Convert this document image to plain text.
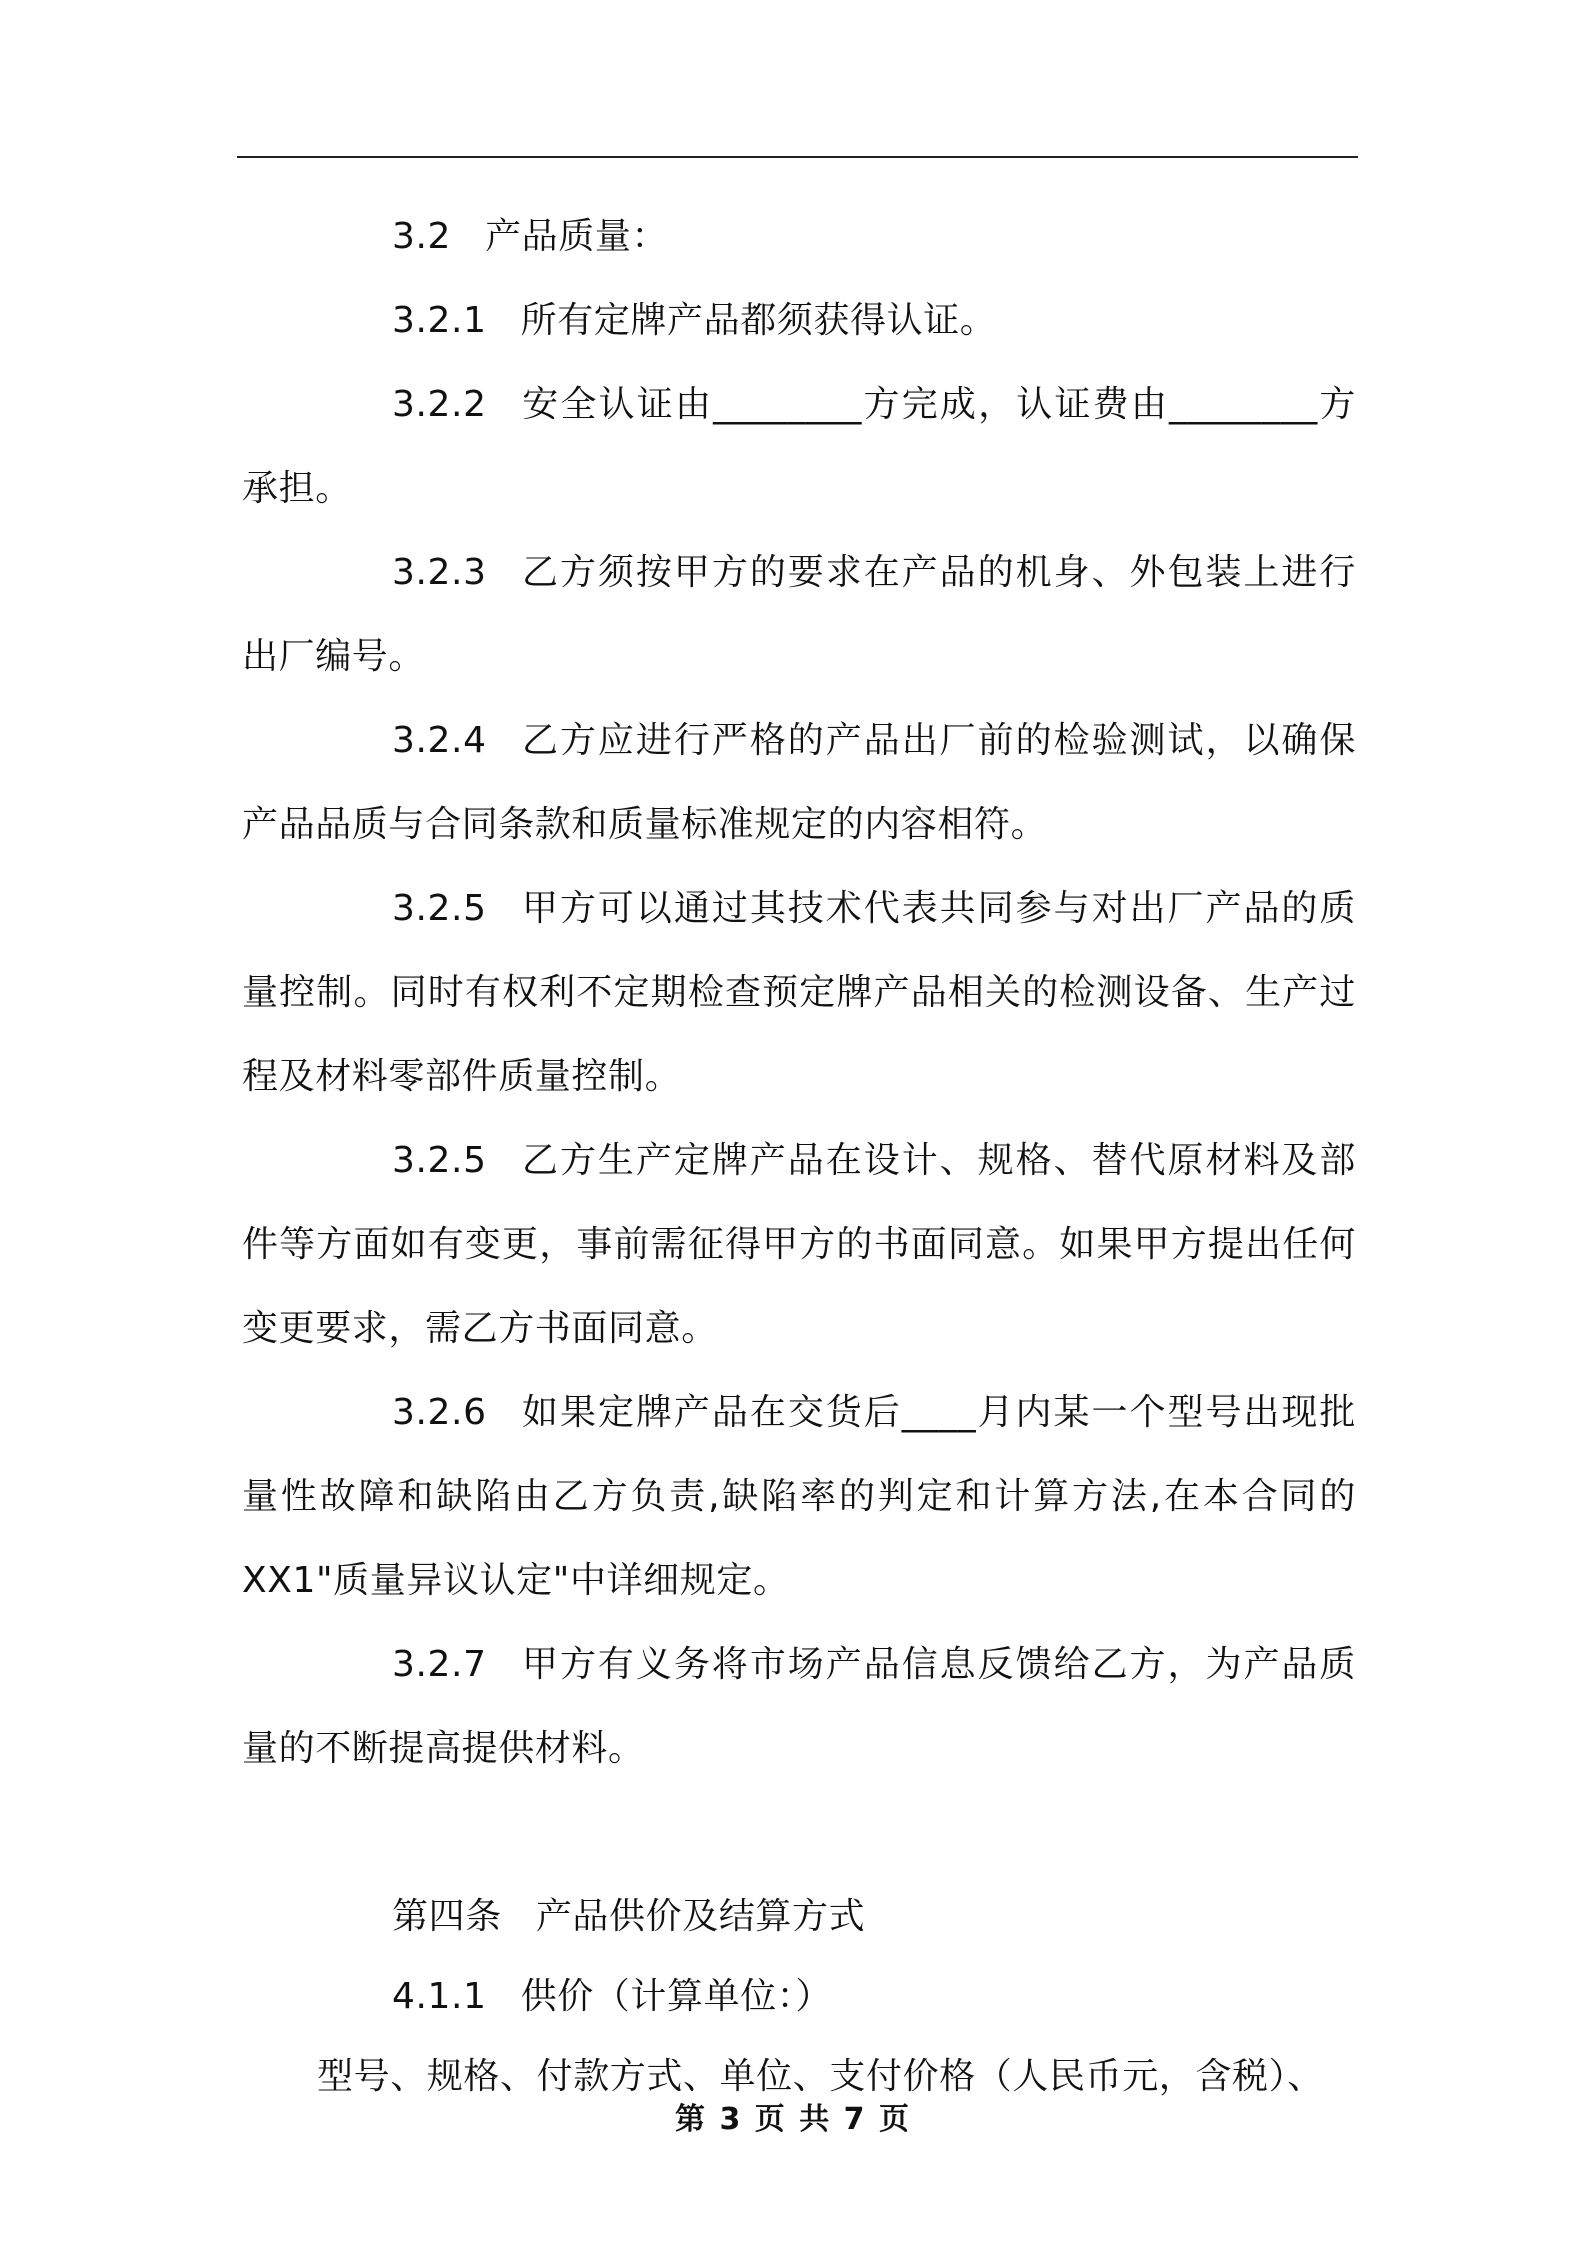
3.2 产品质量：

3.2.1 所有定牌产品都须获得认证。

3.2.2 安全认证由________方完成，认证费由________方承担。

3.2.3 乙方须按甲方的要求在产品的机身、外包装上进行出厂编号。

3.2.4 乙方应进行严格的产品出厂前的检验测试，以确保产品品质与合同条款和质量标准规定的内容相符。

3.2.5 甲方可以通过其技术代表共同参与对出厂产品的质量控制。同时有权利不定期检查预定牌产品相关的检测设备、生产过程及材料零部件质量控制。

3.2.5 乙方生产定牌产品在设计、规格、替代原材料及部件等方面如有变更，事前需征得甲方的书面同意。如果甲方提出任何变更要求，需乙方书面同意。

3.2.6 如果定牌产品在交货后____月内某一个型号出现批量性故障和缺陷由乙方负责,缺陷率的判定和计算方法,在本合同的XX1"质量异议认定"中详细规定。

3.2.7 甲方有义务将市场产品信息反馈给乙方，为产品质量的不断提高提供材料。

第四条 产品供价及结算方式

4.1.1 供价（计算单位：）

型号、规格、付款方式、单位、支付价格（人民币元，含税）、

第 3 页 共 7 页
